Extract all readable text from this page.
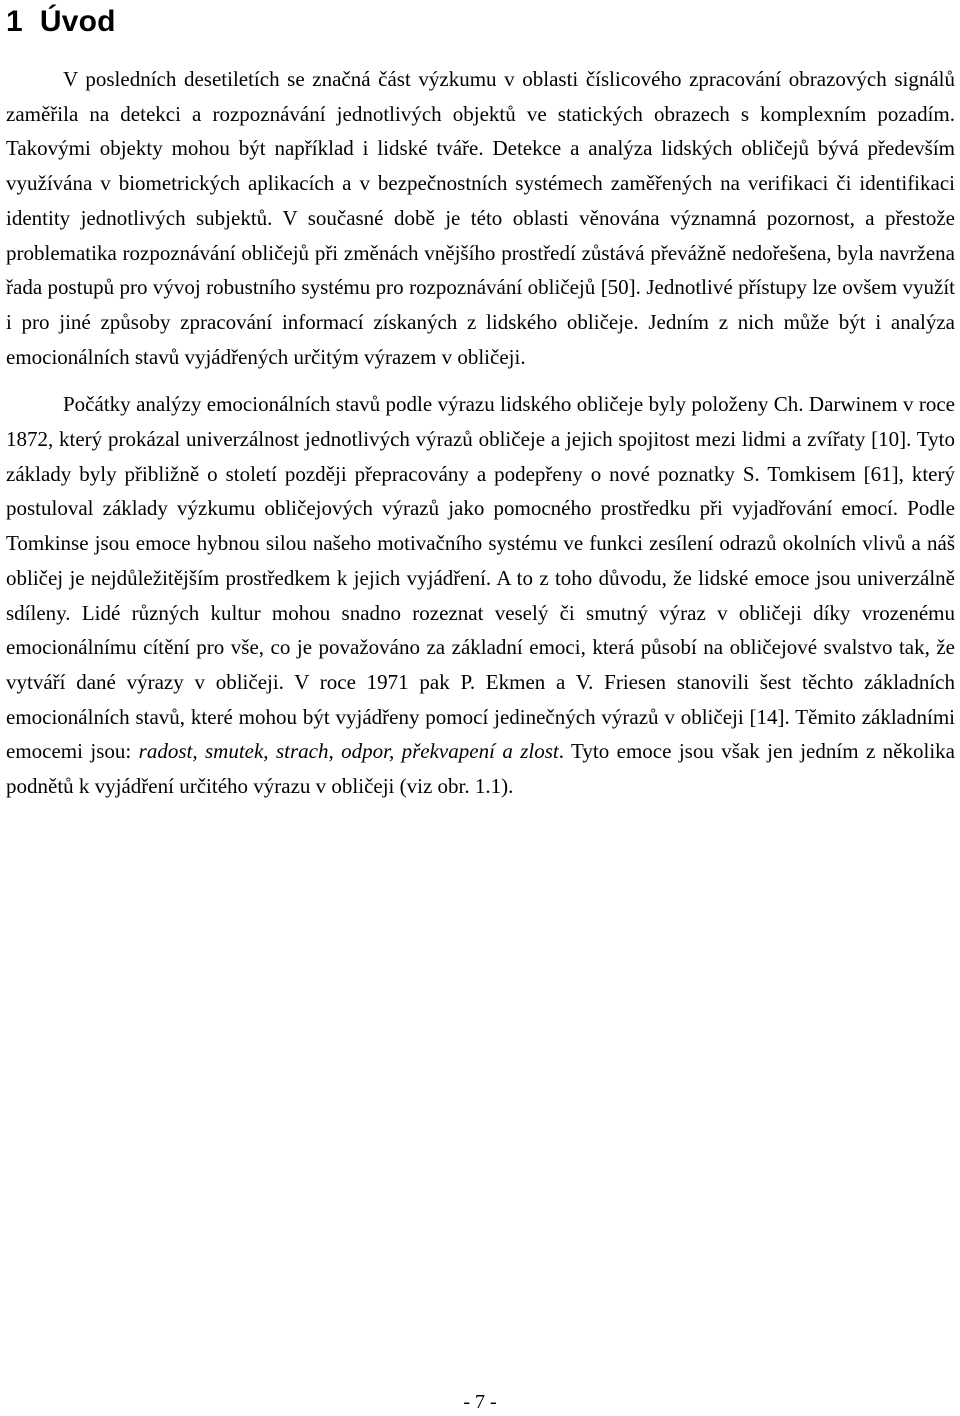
1 Úvod

V posledních desetiletích se značná část výzkumu v oblasti číslicového zpracování obrazových signálů zaměřila na detekci a rozpoznávání jednotlivých objektů ve statických obrazech s komplexním pozadím. Takovými objekty mohou být například i lidské tváře. Detekce a analýza lidských obličejů bývá především využívána v biometrických aplikacích a v bezpečnostních systémech zaměřených na verifikaci či identifikaci identity jednotlivých subjektů. V současné době je této oblasti věnována významná pozornost, a přestože problematika rozpoznávání obličejů při změnách vnějšího prostředí zůstává převážně nedořešena, byla navržena řada postupů pro vývoj robustního systému pro rozpoznávání obličejů [50]. Jednotlivé přístupy lze ovšem využít i pro jiné způsoby zpracování informací získaných z lidského obličeje. Jedním z nich může být i analýza emocionálních stavů vyjádřených určitým výrazem v obličeji.

Počátky analýzy emocionálních stavů podle výrazu lidského obličeje byly položeny Ch. Darwinem v roce 1872, který prokázal univerzálnost jednotlivých výrazů obličeje a jejich spojitost mezi lidmi a zvířaty [10]. Tyto základy byly přibližně o století později přepracovány a podepřeny o nové poznatky S. Tomkisem [61], který postuloval základy výzkumu obličejových výrazů jako pomocného prostředku při vyjadřování emocí. Podle Tomkinse jsou emoce hybnou silou našeho motivačního systému ve funkci zesílení odrazů okolních vlivů a náš obličej je nejdůležitějším prostředkem k jejich vyjádření. A to z toho důvodu, že lidské emoce jsou univerzálně sdíleny. Lidé různých kultur mohou snadno rozeznat veselý či smutný výraz v obličeji díky vrozenému emocionálnímu cítění pro vše, co je považováno za základní emoci, která působí na obličejové svalstvo tak, že vytváří dané výrazy v obličeji. V roce 1971 pak P. Ekmen a V. Friesen stanovili šest těchto základních emocionálních stavů, které mohou být vyjádřeny pomocí jedinečných výrazů v obličeji [14]. Těmito základními emocemi jsou: radost, smutek, strach, odpor, překvapení a zlost. Tyto emoce jsou však jen jedním z několika podnětů k vyjádření určitého výrazu v obličeji (viz obr. 1.1).

- 7 -
